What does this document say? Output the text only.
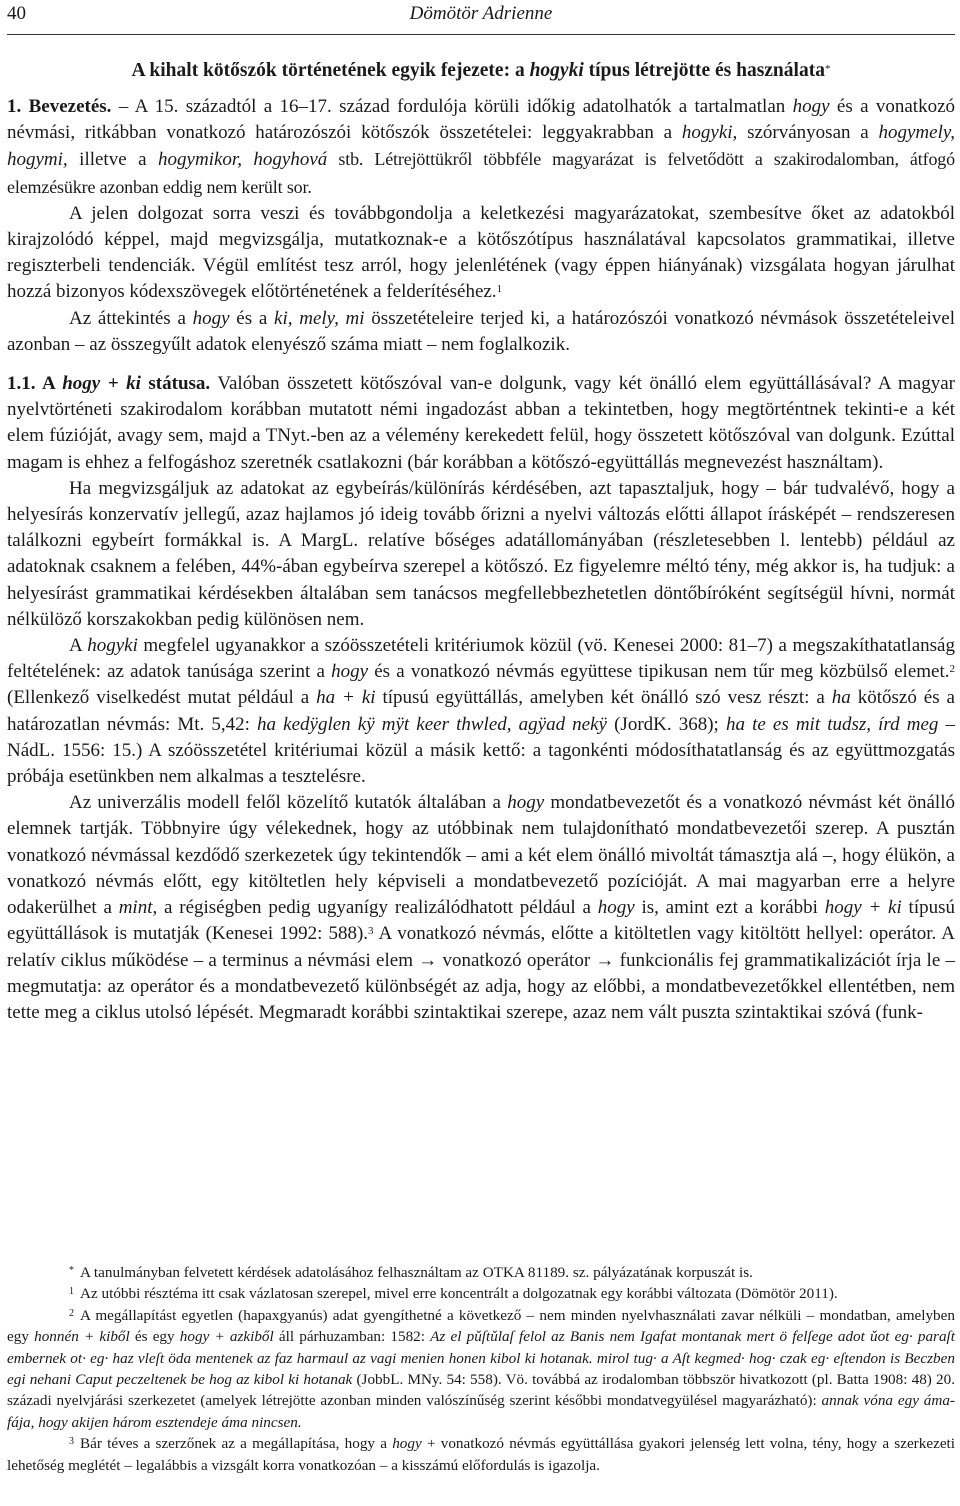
40	Dömötör Adrienne
A kihalt kötőszók történetének egyik fejezete: a hogyki típus létrejötte és használata*

1. Bevezetés. – A 15. századtól a 16–17. század fordulója körüli időkig adatolhatók a tartalmatlan hogy és a vonatkozó névmási, ritkábban vonatkozó határozószói kötőszók összetételei: leggyakrabban a hogyki, szórványosan a hogymely, hogymi, illetve a hogymikor, hogyhová stb. Létrejöttükről többféle magyarázat is felvetődött a szakirodalomban, átfogó elemzésükre azonban eddig nem került sor.

A jelen dolgozat sorra veszi és továbbgondolja a keletkezési magyarázatokat, szembesítve őket az adatokból kirajzolódó képpel, majd megvizsgálja, mutatkoznak-e a kötőszótípus használatával kapcsolatos grammatikai, illetve regiszterbeli tendenciák. Végül említést tesz arról, hogy jelenlétének (vagy éppen hiányának) vizsgálata hogyan járulhat hozzá bizonyos kódexszövegek előtörténetének a felderítéséhez.$^1$

Az áttekintés a hogy és a ki, mely, mi összetételeire terjed ki, a határozószói vonatkozó névmások összetételeivel azonban – az összegyűlt adatok elenyésző száma miatt – nem foglalkozik.

1.1. A hogy + ki státusa. Valóban összetett kötőszóval van-e dolgunk, vagy két önálló elem együttállásával? A magyar nyelvtörténeti szakirodalom korábban mutatott némi ingadozást abban a tekintetben, hogy megtörténtnek tekinti-e a két elem fúzióját, avagy sem, majd a TNyt.-ben az a vélemény kerekedett felül, hogy összetett kötőszóval van dolgunk. Ezúttal magam is ehhez a felfogáshoz szeretnék csatlakozni (bár korábban a kötőszó-együttállás megnevezést használtam).

Ha megvizsgáljuk az adatokat az egybeírás/különírás kérdésében, azt tapasztaljuk, hogy – bár tudvalévő, hogy a helyesírás konzervatív jellegű, azaz hajlamos jó ideig tovább őrizni a nyelvi változás előtti állapot írásképét – rendszeresen találkozni egybeírt formákkal is. A MargL. relatíve bőséges adatállományában (részletesebben l. lentebb) például az adatoknak csaknem a felében, 44%-ában egybeírva szerepel a kötőszó. Ez figyelemre méltó tény, még akkor is, ha tudjuk: a helyesírást grammatikai kérdésekben általában sem tanácsos megfellebbezhetetlen döntőbíróként segítségül hívni, normát nélkülöző korszakokban pedig különösen nem.

A hogyki megfelel ugyanakkor a szóösszetételi kritériumok közül (vö. Kenesei 2000: 81–7) a megszakíthatatlanság feltételének: az adatok tanúsága szerint a hogy és a vonatkozó névmás együttese tipikusan nem tűr meg közbülső elemet.$^2$ (Ellenkező viselkedést mutat például a ha + ki típusú együttállás, amelyben két önálló szó vesz részt: a ha kötőszó és a határozatlan névmás: Mt. 5,42: ha kedÿglen kÿ mÿt keer thwled, agÿad nekÿ (JordK. 368); ha te es mit tudsz, írd meg – NádL. 1556: 15.) A szóösszetétel kritériumai közül a másik kettő: a tagonkénti módosíthatatlanság és az együttmozgatás próbája esetünkben nem alkalmas a tesztelésre.

Az univerzális modell felől közelítő kutatók általában a hogy mondatbevezetőt és a vonatkozó névmást két önálló elemnek tartják. Többnyire úgy vélekednek, hogy az utóbbinak nem tulajdonítható mondatbevezetői szerep. A pusztán vonatkozó névmással kezdődő szerkezetek úgy tekintendők – ami a két elem önálló mivoltát támasztja alá –, hogy élükön, a vonatkozó névmás előtt, egy kitöltetlen hely képviseli a mondatbevezető pozícióját. A mai magyarban erre a helyre odakerülhet a mint, a régiségben pedig ugyanígy realizálódhatott például a hogy is, amint ezt a korábbi hogy + ki típusú együttállások is mutatják (Kenesei 1992: 588).$^3$ A vonatkozó névmás, előtte a kitöltetlen vagy kitöltött hellyel: operátor. A relatív ciklus működése – a terminus a névmási elem → vonatkozó operátor → funkcionális fej grammatikalizációt írja le – megmutatja: az operátor és a mondatbevezető különbségét az adja, hogy az előbbi, a mondatbevezetőkkel ellentétben, nem tette meg a ciklus utolsó lépését. Megmaradt korábbi szintaktikai szerepe, azaz nem vált puszta szintaktikai szóvá (funk-

* A tanulmányban felvetett kérdések adatolásához felhasználtam az OTKA 81189. sz. pályázatának korpuszát is.

$^1$ Az utóbbi résztéma itt csak vázlatosan szerepel, mivel erre koncentrált a dolgozatnak egy korábbi változata (Dömötör 2011).

$^2$ A megállapítást egyetlen (hapaxgyanús) adat gyengíthetné a következő – nem minden nyelvhasználati zavar nélküli – mondatban, amelyben egy honnén + kiből és egy hogy + azkiből áll párhuzamban: 1582: Az el pǔſtǔlaſ felol az Banis nem Igafat montanak mert ö felſege adot ǔot eg· paraſt embernek ot· eg· haz vleſt öda mentenek az faz harmaul az vagi menien honen kibol ki hotanak. mirol tug· a Aſt kegmed· hog· czak eg· eſtendon is Beczben egi nehani Caput peczeltenek be hog az kibol ki hotanak (JobbL. MNy. 54: 558). Vö. továbbá az irodalomban többször hivatkozott (pl. Batta 1908: 48) 20. századi nyelvjárási szerkezetet (amelyek létrejötte azonban minden valószínűség szerint későbbi mondatvegyülésel magyarázható): annak vóna egy áma-fája, hogy akijen három esztendeje áma nincsen.

$^3$ Bár téves a szerzőnek az a megállapítása, hogy a hogy + vonatkozó névmás együttállása gyakori jelenség lett volna, tény, hogy a szerkezeti lehetőség meglétét – legalábbis a vizsgált korra vonatkozóan – a kisszámú előfordulás is igazolja.
